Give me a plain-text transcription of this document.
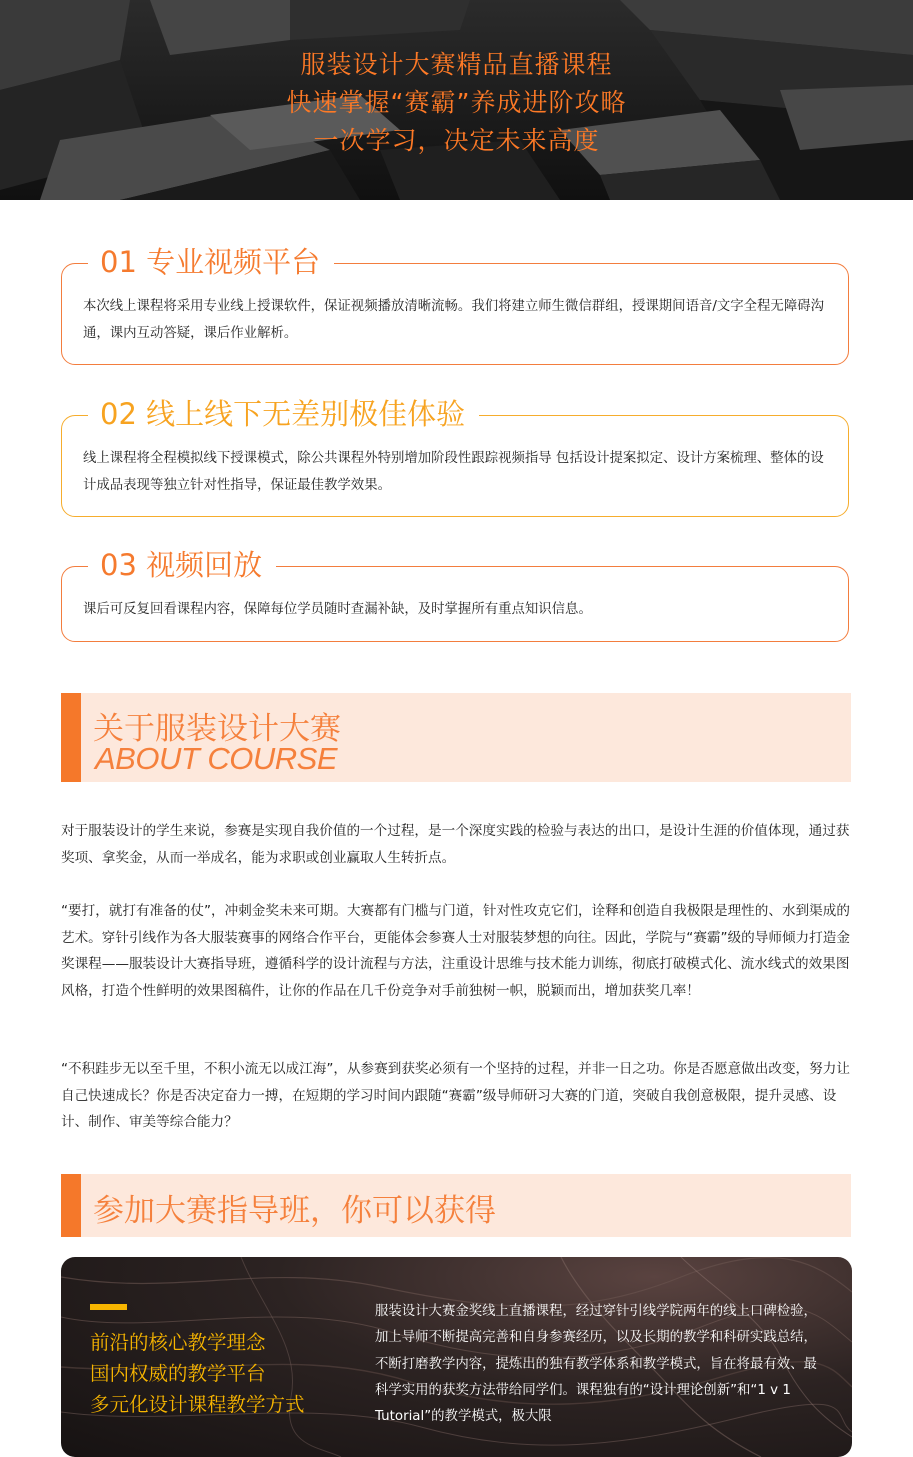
服装设计大赛精品直播课程
快速掌握“赛霸”养成进阶攻略
一次学习，决定未来高度
01 专业视频平台
本次线上课程将采用专业线上授课软件，保证视频播放清晰流畅。我们将建立师生微信群组，授课期间语音/文字全程无障碍沟通，课内互动答疑，课后作业解析。
02 线上线下无差别极佳体验
线上课程将全程模拟线下授课模式，除公共课程外特别增加阶段性跟踪视频指导 包括设计提案拟定、设计方案梳理、整体的设计成品表现等独立针对性指导，保证最佳教学效果。
03 视频回放
课后可反复回看课程内容，保障每位学员随时查漏补缺，及时掌握所有重点知识信息。
关于服装设计大赛
ABOUT COURSE
对于服装设计的学生来说，参赛是实现自我价值的一个过程，是一个深度实践的检验与表达的出口，是设计生涯的价值体现，通过获奖项、拿奖金，从而一举成名，能为求职或创业赢取人生转折点。
“要打，就打有准备的仗”，冲刺金奖未来可期。大赛都有门槛与门道，针对性攻克它们，诠释和创造自我极限是理性的、水到渠成的艺术。穿针引线作为各大服装赛事的网络合作平台，更能体会参赛人士对服装梦想的向往。因此，学院与“赛霸”级的导师倾力打造金奖课程——服装设计大赛指导班，遵循科学的设计流程与方法，注重设计思维与技术能力训练，彻底打破模式化、流水线式的效果图风格，打造个性鲜明的效果图稿件，让你的作品在几千份竞争对手前独树一帜，脱颖而出，增加获奖几率！
“不积跬步无以至千里，不积小流无以成江海”，从参赛到获奖必须有一个坚持的过程，并非一日之功。你是否愿意做出改变，努力让自己快速成长？你是否决定奋力一搏，在短期的学习时间内跟随“赛霸”级导师研习大赛的门道，突破自我创意极限，提升灵感、设计、制作、审美等综合能力？
参加大赛指导班，你可以获得
前沿的核心教学理念
国内权威的教学平台
多元化设计课程教学方式
服装设计大赛金奖线上直播课程，经过穿针引线学院两年的线上口碑检验，加上导师不断提高完善和自身参赛经历，以及长期的教学和科研实践总结，不断打磨教学内容，提炼出的独有教学体系和教学模式，旨在将最有效、最科学实用的获奖方法带给同学们。课程独有的“设计理论创新”和“1 v 1 Tutorial”的教学模式，极大限
